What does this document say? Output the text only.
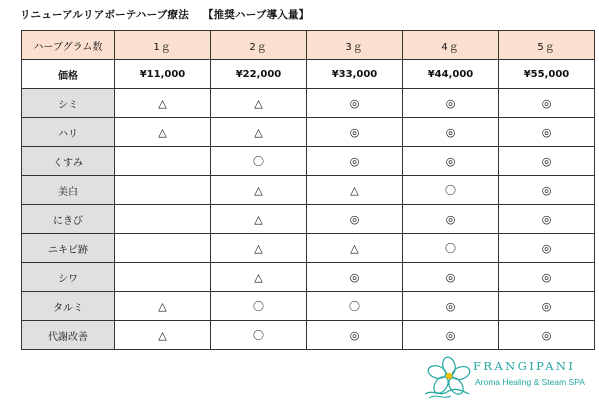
リニューアルリアボーテハーブ療法 【推奨ハーブ導入量】
ハーブグラム数	1ｇ	2ｇ	3ｇ	4ｇ	5ｇ
価格	¥11,000	¥22,000	¥33,000	¥44,000	¥55,000
シミ	△	△	◎	◎	◎
ハリ	△	△	◎	◎	◎
くすみ		〇	◎	◎	◎
美白		△	△	〇	◎
にきび		△	◎	◎	◎
ニキビ跡		△	△	〇	◎
シワ		△	◎	◎	◎
タルミ	△	〇	〇	◎	◎
代謝改善	△	〇	◎	◎	◎
FRANGIPANI
Aroma Healing & Steam SPA
